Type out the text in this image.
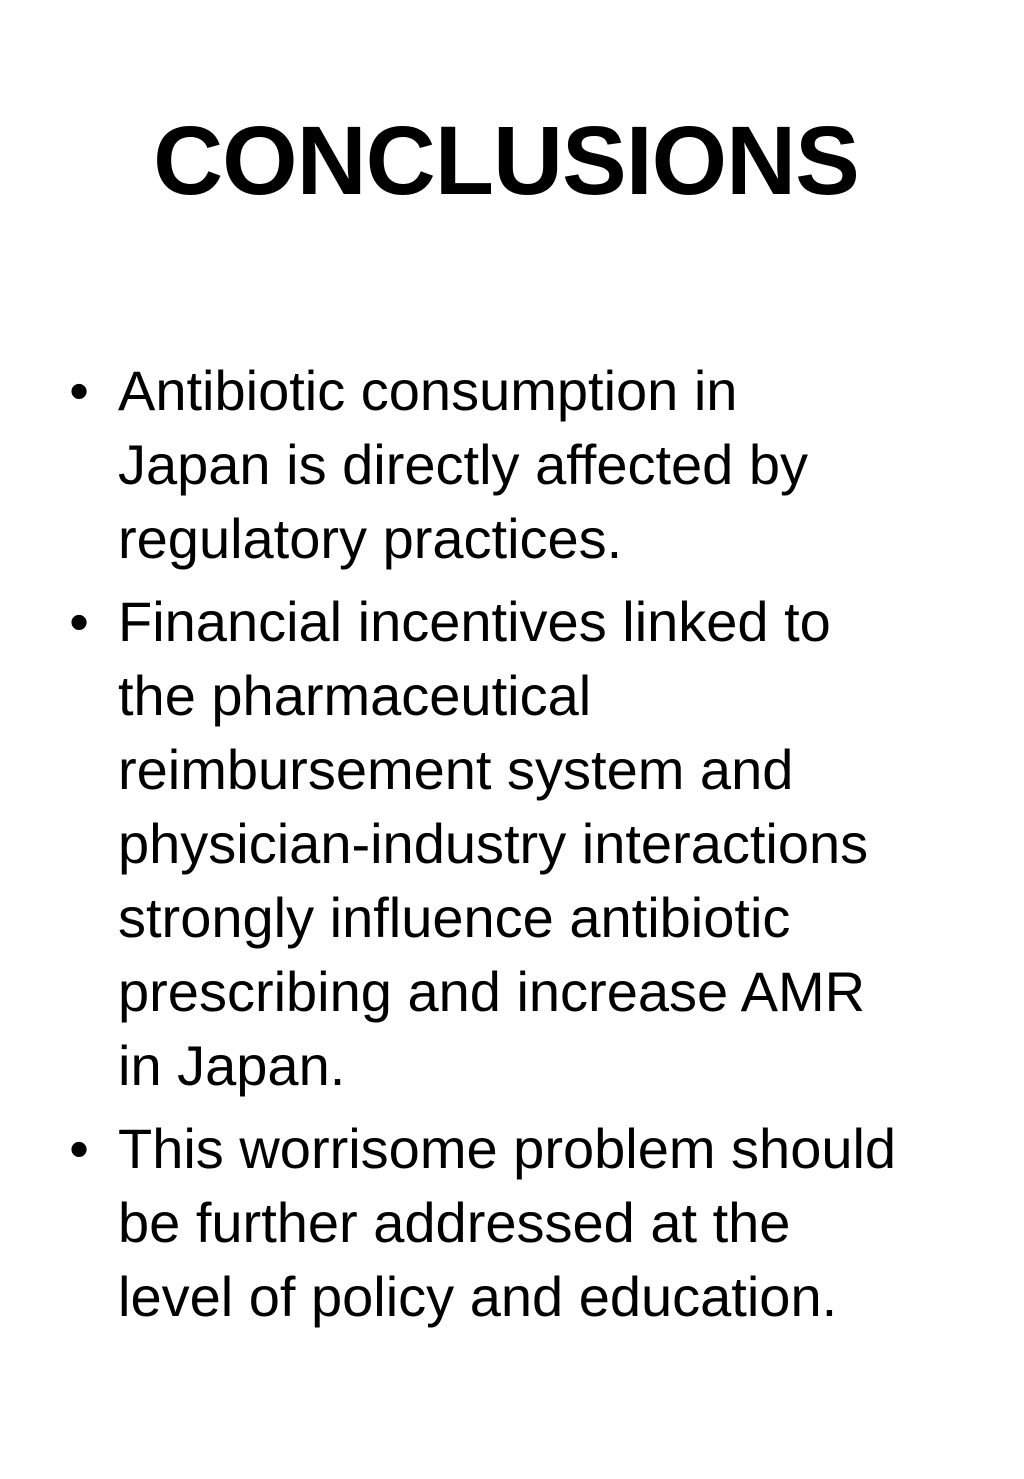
CONCLUSIONS
• Antibiotic consumption in
Japan is directly affected by
regulatory practices.
• Financial incentives linked to
the pharmaceutical
reimbursement system and
physician-industry interactions
strongly influence antibiotic
prescribing and increase AMR
in Japan.
• This worrisome problem should
be further addressed at the
level of policy and education.
